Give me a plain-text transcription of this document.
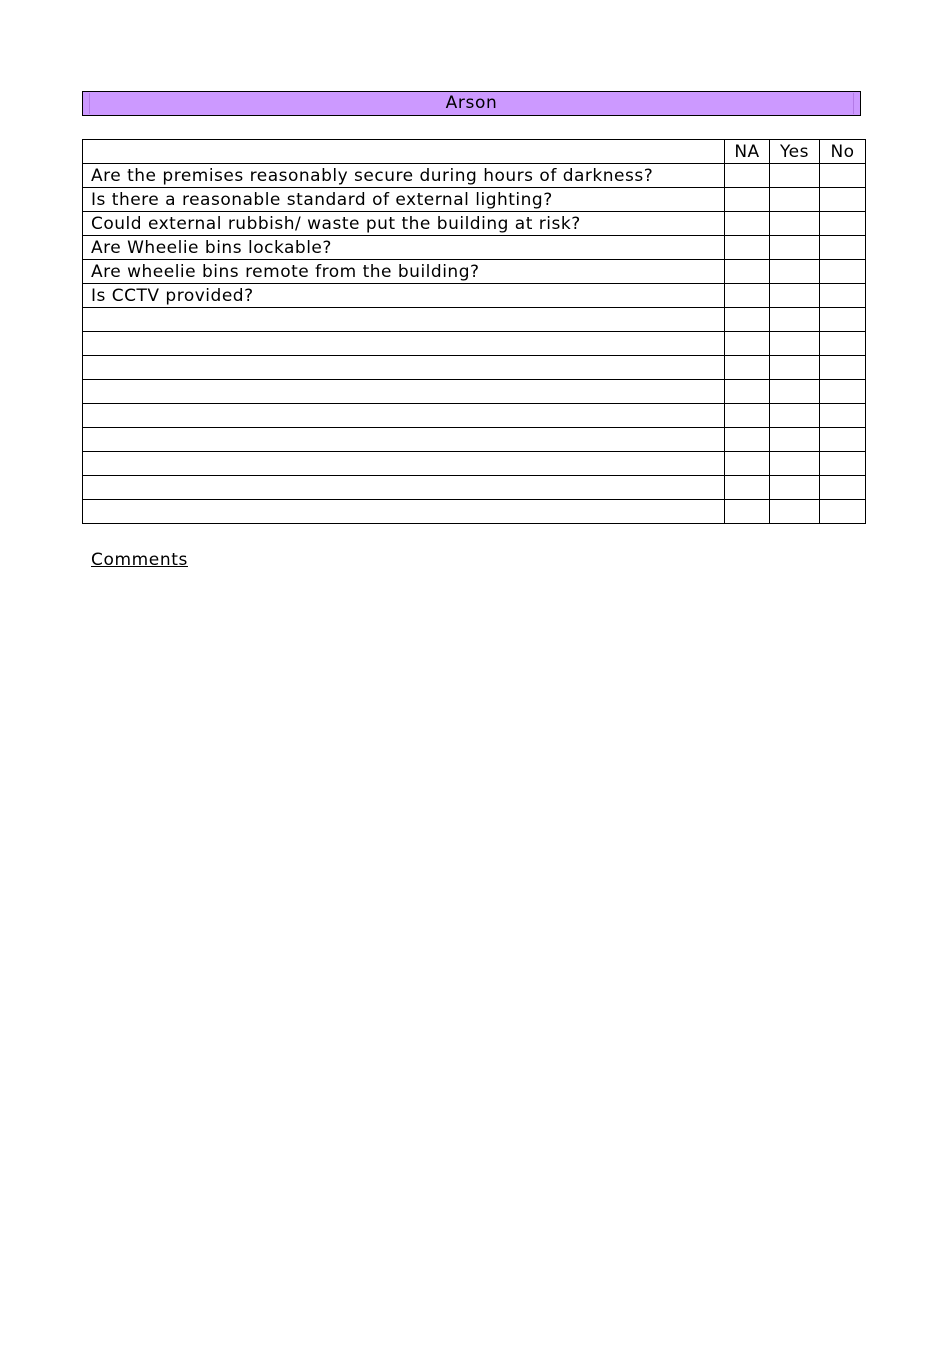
Arson
	NA	Yes	No
Are the premises reasonably secure during hours of darkness?			
Is there a reasonable standard of external lighting?			
Could external rubbish/ waste put the building at risk?			
Are Wheelie bins lockable?			
Are wheelie bins remote from the building?			
Is CCTV provided?			

Comments
